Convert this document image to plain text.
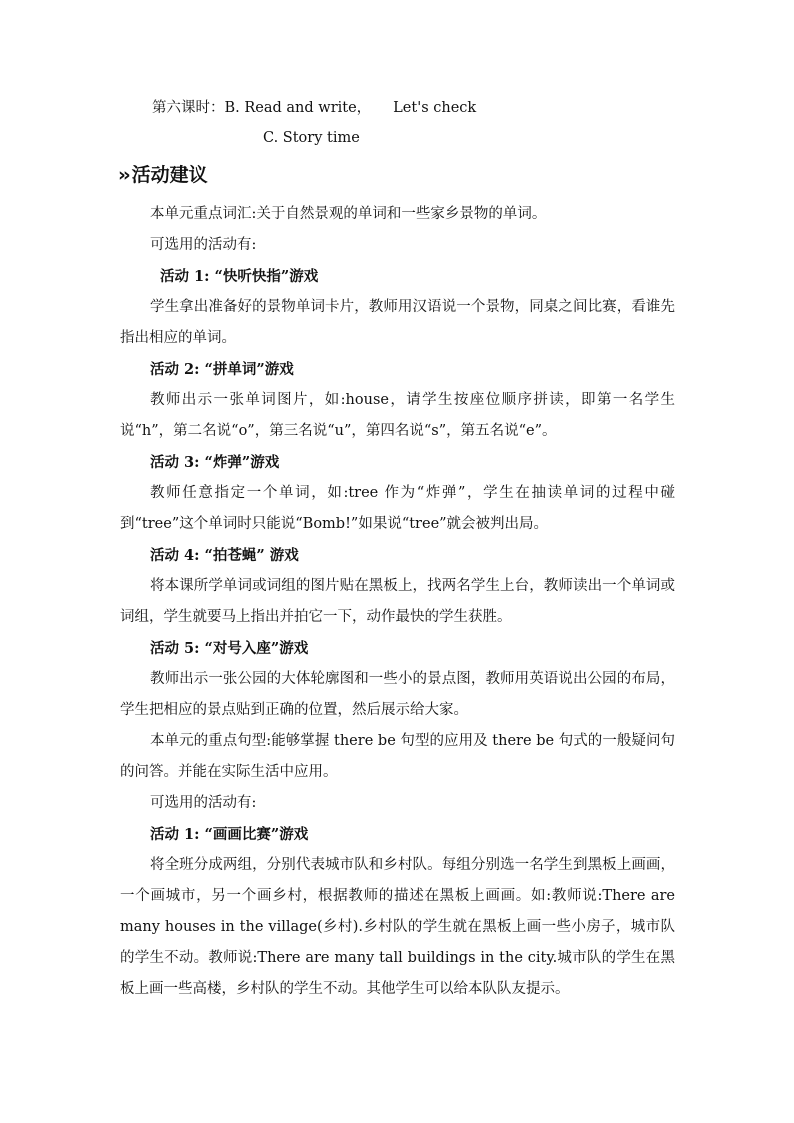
第六课时：B. Read and write， Let's check
C. Story time
›› 活动建议
本单元重点词汇:关于自然景观的单词和一些家乡景物的单词。
可选用的活动有:
活动 1: “快听快指”游戏
学生拿出准备好的景物单词卡片，教师用汉语说一个景物，同桌之间比赛，看谁先指出相应的单词。
活动 2: “拼单词”游戏
教师出示一张单词图片，如:house，请学生按座位顺序拼读，即第一名学生说“h”，第二名说“o”，第三名说“u”，第四名说“s”，第五名说“e”。
活动 3: “炸弹”游戏
教师任意指定一个单词，如:tree 作为“炸弹”，学生在抽读单词的过程中碰到“tree”这个单词时只能说“Bomb!”如果说“tree”就会被判出局。
活动 4: “拍苍蝇” 游戏
将本课所学单词或词组的图片贴在黑板上，找两名学生上台，教师读出一个单词或词组，学生就要马上指出并拍它一下，动作最快的学生获胜。
活动 5: “对号入座”游戏
教师出示一张公园的大体轮廓图和一些小的景点图，教师用英语说出公园的布局，学生把相应的景点贴到正确的位置，然后展示给大家。
本单元的重点句型:能够掌握 there be 句型的应用及 there be 句式的一般疑问句的问答。并能在实际生活中应用。
可选用的活动有:
活动 1: “画画比赛”游戏
将全班分成两组，分别代表城市队和乡村队。每组分别选一名学生到黑板上画画，一个画城市，另一个画乡村，根据教师的描述在黑板上画画。如:教师说:There are many houses in the village(乡村).乡村队的学生就在黑板上画一些小房子，城市队的学生不动。教师说:There are many tall buildings in the city.城市队的学生在黑板上画一些高楼，乡村队的学生不动。其他学生可以给本队队友提示。
